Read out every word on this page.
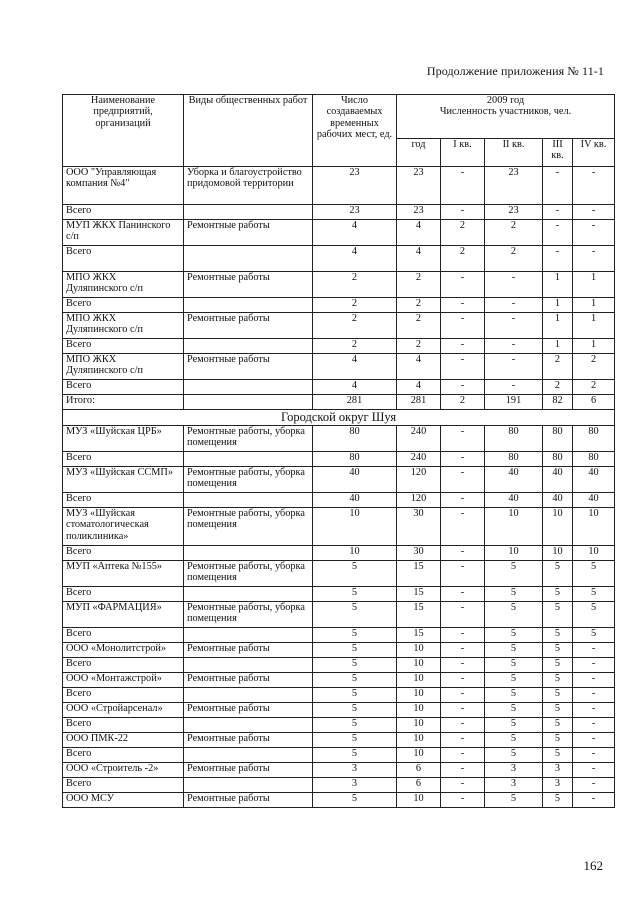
Продолжение приложения № 11-1
Наименование предприятий, организаций	Виды общественных работ	Число создаваемых временных рабочих мест, ед.	2009 год
Численность участников, чел.				

			год	I кв.	II кв.	III кв.	IV кв.
ООО "Управляющая компания №4"	Уборка и благоустройство придомовой территории	23	23	-	23	-	-
Всего		23	23	-	23	-	-
МУП ЖКХ Панинского с/п	Ремонтные работы	4	4	2	2	-	-
Всего		4	4	2	2	-	-
МПО ЖКХ Дуляпинского с/п	Ремонтные работы	2	2	-	-	1	1
Всего		2	2	-	-	1	1
МПО ЖКХ Дуляпинского с/п	Ремонтные работы	2	2	-	-	1	1
Всего		2	2	-	-	1	1
МПО ЖКХ Дуляпинского с/п	Ремонтные работы	4	4	-	-	2	2
Всего		4	4	-	-	2	2
Итого:		281	281	2	191	82	6
Городской округ Шуя							
МУЗ «Шуйская ЦРБ»	Ремонтные работы, уборка помещения	80	240	-	80	80	80
Всего		80	240	-	80	80	80
МУЗ «Шуйская ССМП»	Ремонтные работы, уборка помещения	40	120	-	40	40	40
Всего		40	120	-	40	40	40
МУЗ «Шуйская стоматологическая поликлиника»	Ремонтные работы, уборка помещения	10	30	-	10	10	10
Всего		10	30	-	10	10	10
МУП «Аптека №155»	Ремонтные работы, уборка помещения	5	15	-	5	5	5
Всего		5	15	-	5	5	5
МУП «ФАРМАЦИЯ»	Ремонтные работы, уборка помещения	5	15	-	5	5	5
Всего		5	15	-	5	5	5
ООО «Монолитстрой»	Ремонтные работы	5	10	-	5	5	-
Всего		5	10	-	5	5	-
ООО «Монтажстрой»	Ремонтные работы	5	10	-	5	5	-
Всего		5	10	-	5	5	-
ООО «Стройарсенал»	Ремонтные работы	5	10	-	5	5	-
Всего		5	10	-	5	5	-
ООО ПМК-22	Ремонтные работы	5	10	-	5	5	-
Всего		5	10	-	5	5	-
ООО «Строитель -2»	Ремонтные работы	3	6	-	3	3	-
Всего		3	6	-	3	3	-
ООО МСУ	Ремонтные работы	5	10	-	5	5	-
162
